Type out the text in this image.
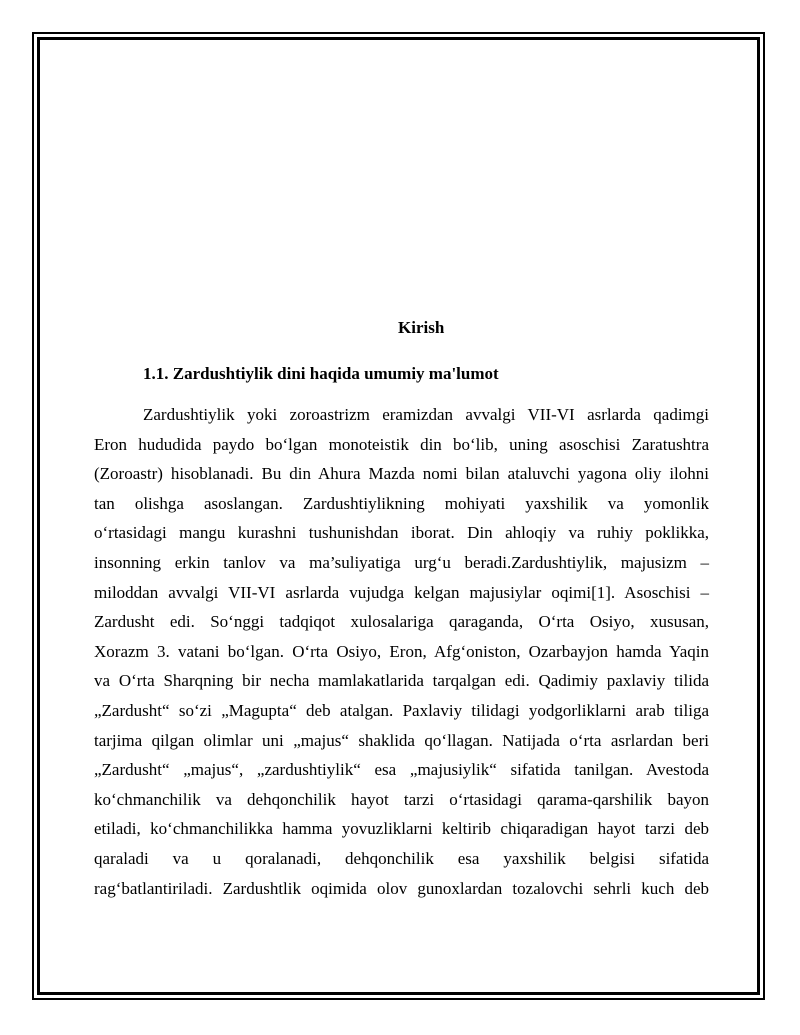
Kirish
1.1. Zardushtiylik dini haqida umumiy ma'lumot
Zardushtiylik yoki zoroastrizm eramizdan avvalgi VII-VI asrlarda qadimgi
Eron hududida paydo bo‘lgan monoteistik din bo‘lib, uning asoschisi Zaratushtra
(Zoroastr) hisoblanadi. Bu din Ahura Mazda nomi bilan ataluvchi yagona oliy ilohni
tan olishga asoslangan. Zardushtiylikning mohiyati yaxshilik va yomonlik
o‘rtasidagi mangu kurashni tushunishdan iborat. Din ahloqiy va ruhiy poklikka,
insonning erkin tanlov va ma’suliyatiga urg‘u beradi.Zardushtiylik, majusizm –
miloddan avvalgi VII-VI asrlarda vujudga kelgan majusiylar oqimi[1]. Asoschisi –
Zardusht edi. So‘nggi tadqiqot xulosalariga qaraganda, O‘rta Osiyo, xususan,
Xorazm 3. vatani bo‘lgan. O‘rta Osiyo, Eron, Afg‘oniston, Ozarbayjon hamda Yaqin
va O‘rta Sharqning bir necha mamlakatlarida tarqalgan edi. Qadimiy paxlaviy tilida
„Zardusht“ so‘zi „Magupta“ deb atalgan. Paxlaviy tilidagi yodgorliklarni arab tiliga
tarjima qilgan olimlar uni „majus“ shaklida qo‘llagan. Natijada o‘rta asrlardan beri
„Zardusht“ „majus“, „zardushtiylik“ esa „majusiylik“ sifatida tanilgan. Avestoda
ko‘chmanchilik va dehqonchilik hayot tarzi o‘rtasidagi qarama-qarshilik bayon
etiladi, ko‘chmanchilikka hamma yovuzliklarni keltirib chiqaradigan hayot tarzi deb
qaraladi va u qoralanadi, dehqonchilik esa yaxshilik belgisi sifatida
rag‘batlantiriladi. Zardushtlik oqimida olov gunoxlardan tozalovchi sehrli kuch deb
